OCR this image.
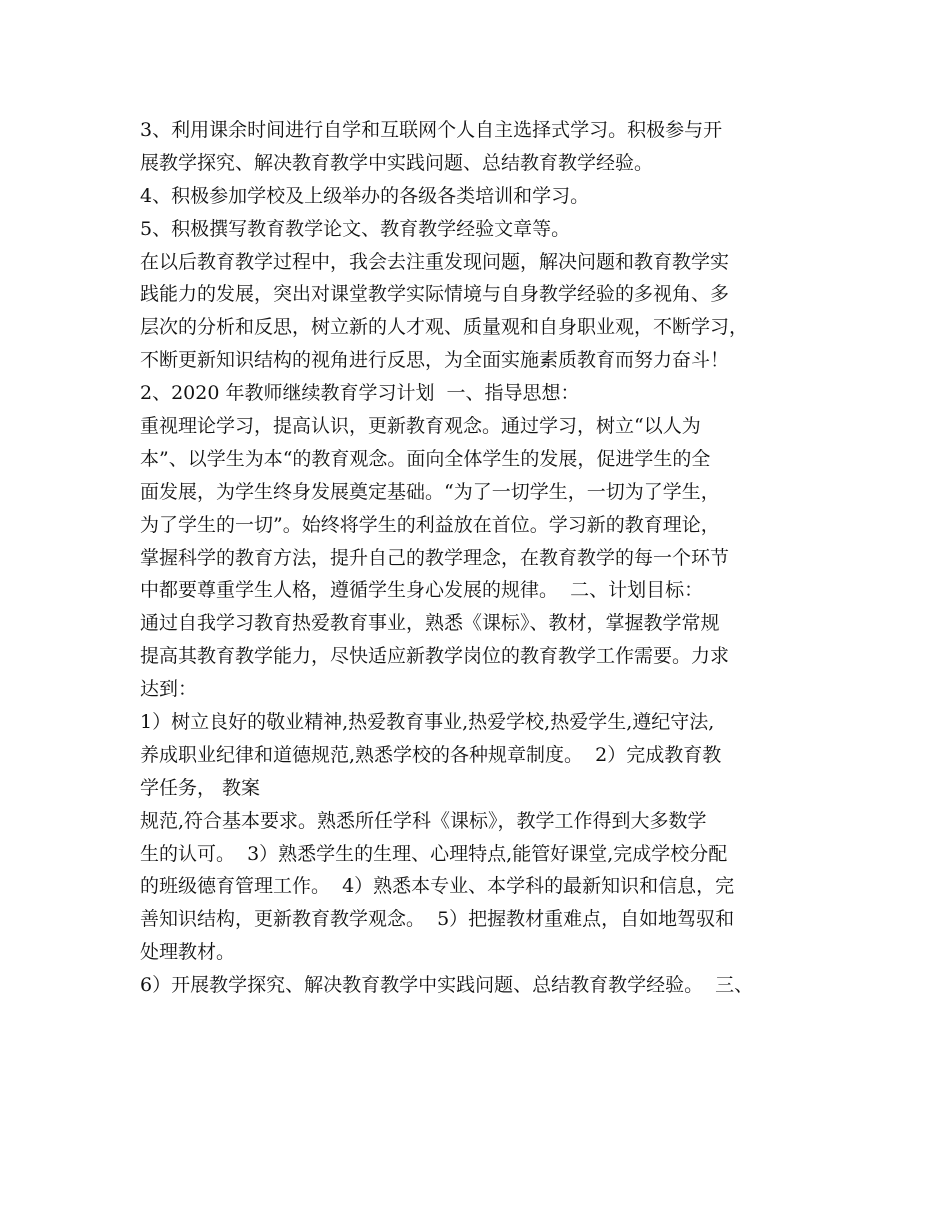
3、利用课余时间进行自学和互联网个人自主选择式学习。积极参与开
展教学探究、解决教育教学中实践问题、总结教育教学经验。
4、积极参加学校及上级举办的各级各类培训和学习。
5、积极撰写教育教学论文、教育教学经验文章等。
在以后教育教学过程中，我会去注重发现问题，解决问题和教育教学实
践能力的发展，突出对课堂教学实际情境与自身教学经验的多视角、多
层次的分析和反思，树立新的人才观、质量观和自身职业观，不断学习，
不断更新知识结构的视角进行反思，为全面实施素质教育而努力奋斗！
2、2020 年教师继续教育学习计划  一、指导思想：
重视理论学习，提高认识，更新教育观念。通过学习，树立“以人为
本”、以学生为本“的教育观念。面向全体学生的发展，促进学生的全
面发展，为学生终身发展奠定基础。“为了一切学生，一切为了学生，
为了学生的一切”。始终将学生的利益放在首位。学习新的教育理论，
掌握科学的教育方法，提升自己的教学理念，在教育教学的每一个环节
中都要尊重学生人格，遵循学生身心发展的规律。  二、计划目标：
通过自我学习教育热爱教育事业，熟悉《课标》、教材，掌握教学常规
提高其教育教学能力，尽快适应新教学岗位的教育教学工作需要。力求
达到：
1）树立良好的敬业精神,热爱教育事业,热爱学校,热爱学生,遵纪守法,
养成职业纪律和道德规范,熟悉学校的各种规章制度。  2）完成教育教
学任务， 教案
规范,符合基本要求。熟悉所任学科《课标》，教学工作得到大多数学
生的认可。  3）熟悉学生的生理、心理特点,能管好课堂,完成学校分配
的班级德育管理工作。  4）熟悉本专业、本学科的最新知识和信息，完
善知识结构，更新教育教学观念。  5）把握教材重难点，自如地驾驭和
处理教材。
6）开展教学探究、解决教育教学中实践问题、总结教育教学经验。  三、
